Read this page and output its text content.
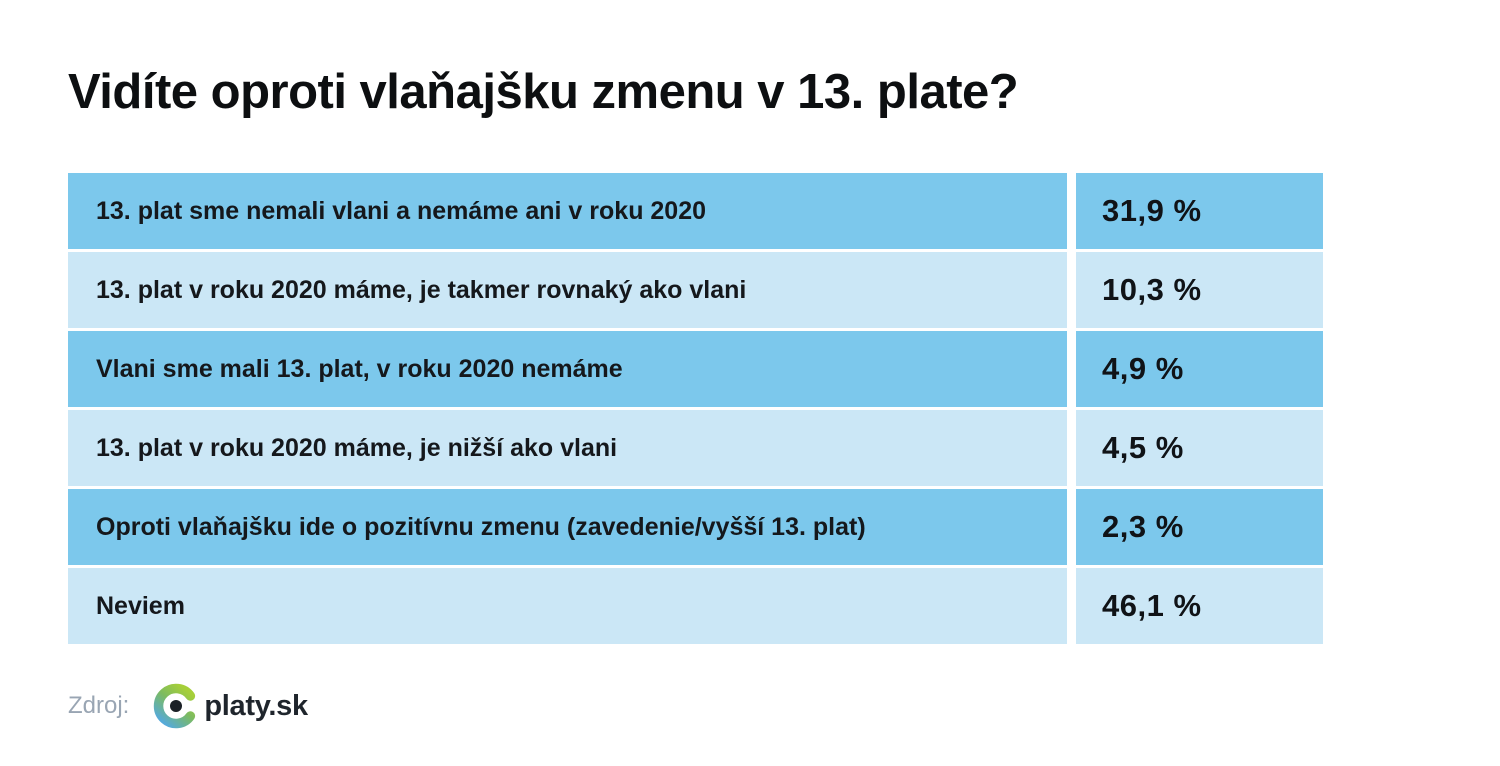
Vidíte oproti vlaňajšku zmenu v 13. plate?
13. plat sme nemali vlani a nemáme ani v roku 2020	31,9 %
13. plat v roku 2020 máme, je takmer rovnaký ako vlani	10,3 %
Vlani sme mali 13. plat, v roku 2020 nemáme	4,9 %
13. plat v roku 2020 máme, je nižší ako vlani	4,5 %
Oproti vlaňajšku ide o pozitívnu zmenu (zavedenie/vyšší 13. plat)	2,3 %
Neviem	46,1 %
Zdroj:	platy.sk
